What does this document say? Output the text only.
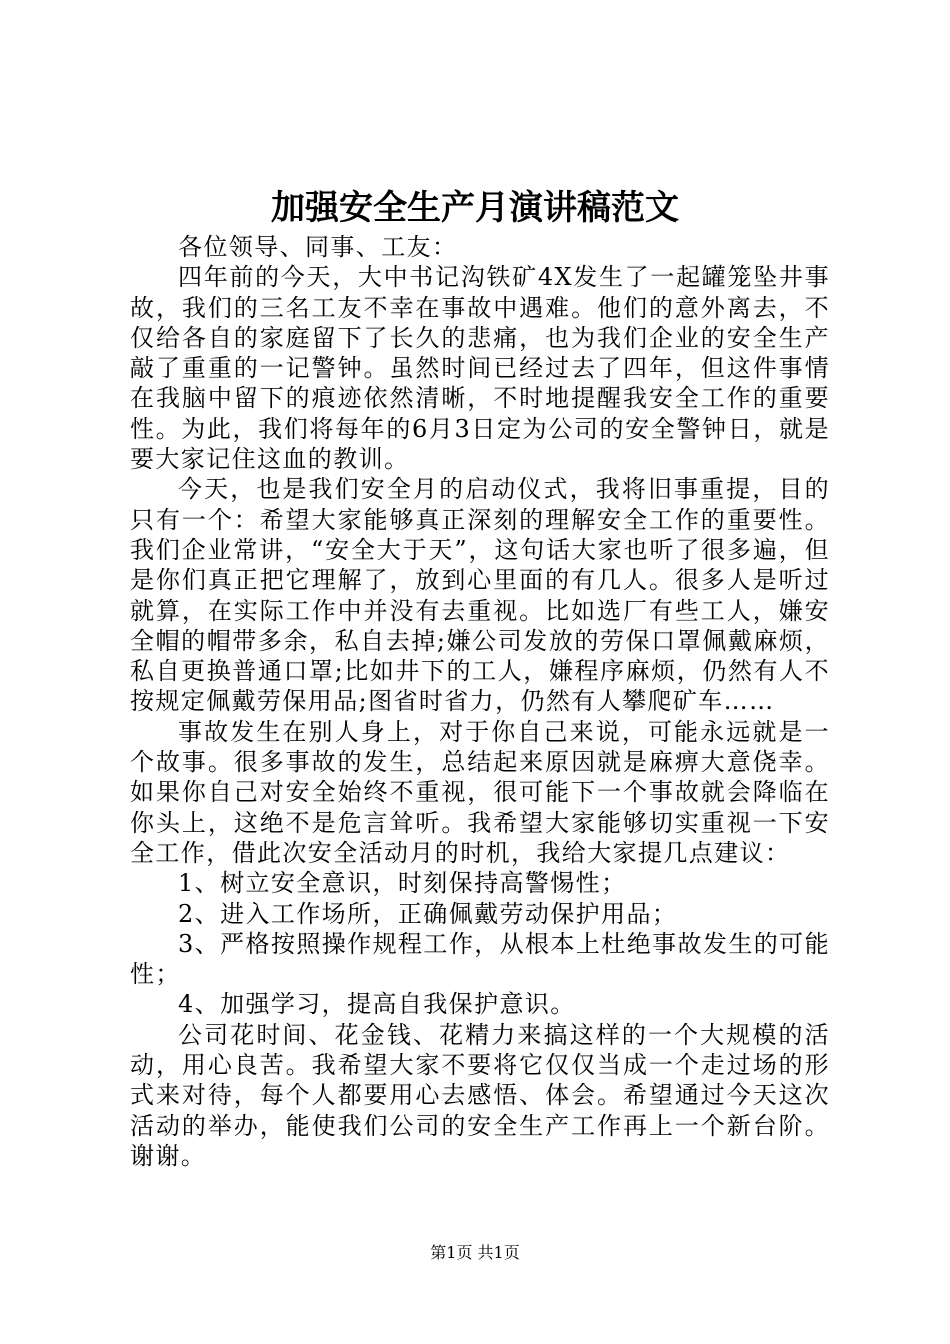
加强安全生产月演讲稿范文

各位领导、同事、工友：

四年前的今天，大中书记沟铁矿4X发生了一起罐笼坠井事故，我们的三名工友不幸在事故中遇难。他们的意外离去，不仅给各自的家庭留下了长久的悲痛，也为我们企业的安全生产敲了重重的一记警钟。虽然时间已经过去了四年，但这件事情在我脑中留下的痕迹依然清晰，不时地提醒我安全工作的重要性。为此，我们将每年的6月3日定为公司的安全警钟日，就是要大家记住这血的教训。

今天，也是我们安全月的启动仪式，我将旧事重提，目的只有一个：希望大家能够真正深刻的理解安全工作的重要性。我们企业常讲，“安全大于天”，这句话大家也听了很多遍，但是你们真正把它理解了，放到心里面的有几人。很多人是听过就算，在实际工作中并没有去重视。比如选厂有些工人，嫌安全帽的帽带多余，私自去掉;嫌公司发放的劳保口罩佩戴麻烦，私自更换普通口罩;比如井下的工人，嫌程序麻烦，仍然有人不按规定佩戴劳保用品;图省时省力，仍然有人攀爬矿车……

事故发生在别人身上，对于你自己来说，可能永远就是一个故事。很多事故的发生，总结起来原因就是麻痹大意侥幸。如果你自己对安全始终不重视，很可能下一个事故就会降临在你头上，这绝不是危言耸听。我希望大家能够切实重视一下安全工作，借此次安全活动月的时机，我给大家提几点建议：

1、树立安全意识，时刻保持高警惕性；

2、进入工作场所，正确佩戴劳动保护用品；

3、严格按照操作规程工作，从根本上杜绝事故发生的可能性；

4、加强学习，提高自我保护意识。

公司花时间、花金钱、花精力来搞这样的一个大规模的活动，用心良苦。我希望大家不要将它仅仅当成一个走过场的形式来对待，每个人都要用心去感悟、体会。希望通过今天这次活动的举办，能使我们公司的安全生产工作再上一个新台阶。谢谢。

第1页 共1页
